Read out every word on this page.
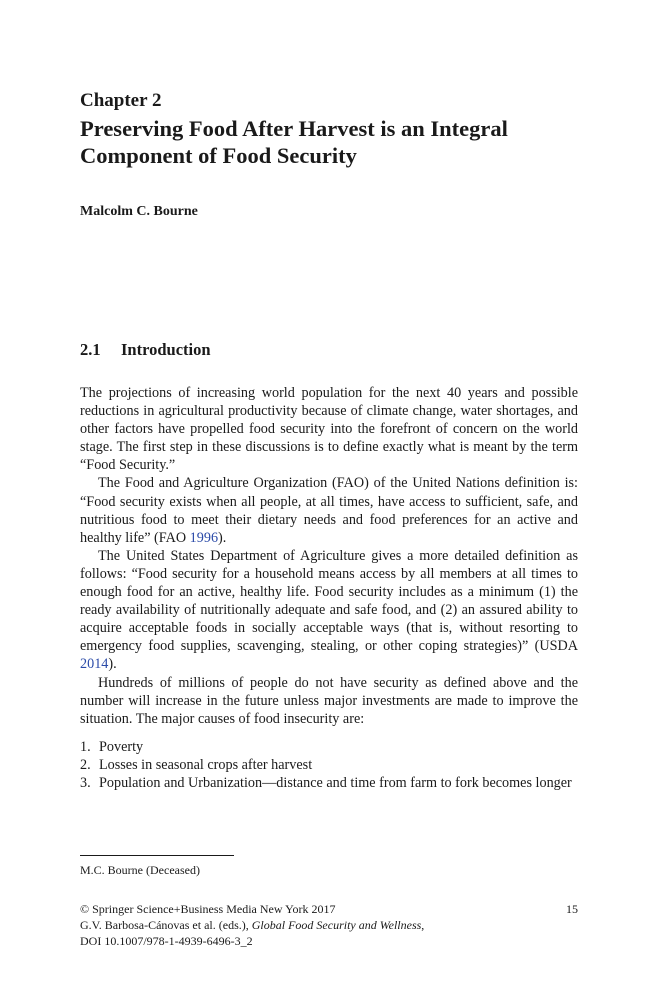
Chapter 2
Preserving Food After Harvest is an Integral Component of Food Security
Malcolm C. Bourne
2.1 Introduction

The projections of increasing world population for the next 40 years and possible reductions in agricultural productivity because of climate change, water shortages, and other factors have propelled food security into the forefront of concern on the world stage. The first step in these discussions is to define exactly what is meant by the term “Food Security.”

The Food and Agriculture Organization (FAO) of the United Nations definition is: “Food security exists when all people, at all times, have access to sufficient, safe, and nutritious food to meet their dietary needs and food preferences for an active and healthy life” (FAO 1996).

The United States Department of Agriculture gives a more detailed definition as follows: “Food security for a household means access by all members at all times to enough food for an active, healthy life. Food security includes as a minimum (1) the ready availability of nutritionally adequate and safe food, and (2) an assured ability to acquire acceptable foods in socially acceptable ways (that is, without resorting to emergency food supplies, scavenging, stealing, or other coping strategies)” (USDA 2014).

Hundreds of millions of people do not have security as defined above and the number will increase in the future unless major investments are made to improve the situation. The major causes of food insecurity are:

1. Poverty
2. Losses in seasonal crops after harvest
3. Population and Urbanization—distance and time from farm to fork becomes longer
M.C. Bourne (Deceased)
© Springer Science+Business Media New York 2017
G.V. Barbosa-Cánovas et al. (eds.), Global Food Security and Wellness,
DOI 10.1007/978-1-4939-6496-3_2
15
